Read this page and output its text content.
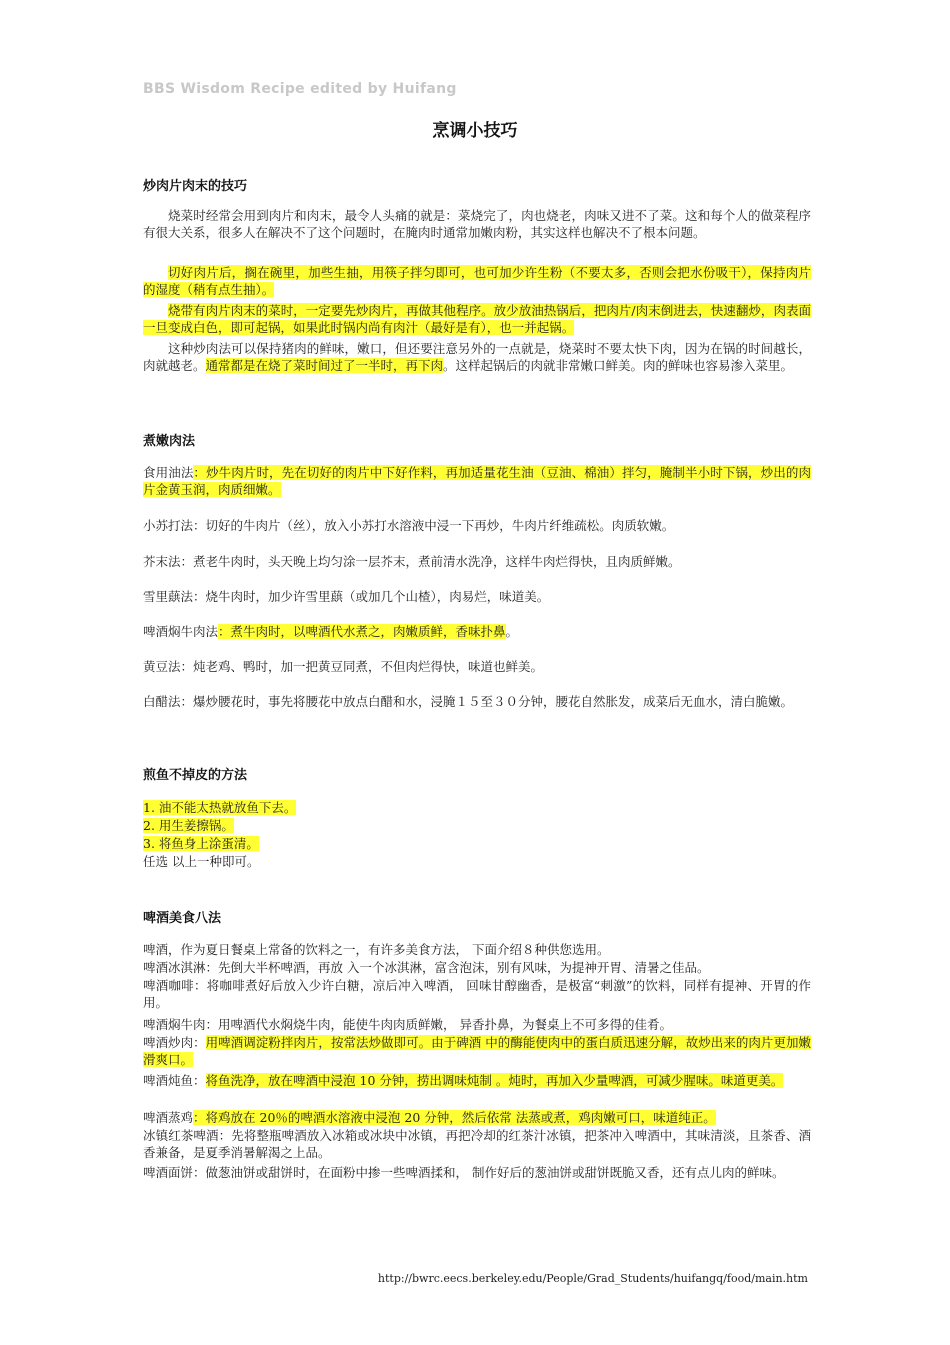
BBS Wisdom Recipe edited by Huifang
烹调小技巧
炒肉片肉末的技巧

烧菜时经常会用到肉片和肉末，最令人头痛的就是：菜烧完了，肉也烧老，肉味又进不了菜。这和每个人的做菜程序有很大关系，很多人在解决不了这个问题时，在腌肉时通常加嫩肉粉，其实这样也解决不了根本问题。

切好肉片后，搁在碗里，加些生抽，用筷子拌匀即可，也可加少许生粉（不要太多，否则会把水份吸干），保持肉片的湿度（稍有点生抽）。

烧带有肉片肉末的菜时，一定要先炒肉片，再做其他程序。放少放油热锅后，把肉片/肉末倒进去，快速翻炒，肉表面一旦变成白色，即可起锅，如果此时锅内尚有肉汁（最好是有），也一并起锅。

这种炒肉法可以保持猪肉的鲜味，嫩口，但还要注意另外的一点就是，烧菜时不要太快下肉，因为在锅的时间越长，肉就越老。通常都是在烧了菜时间过了一半时，再下肉。这样起锅后的肉就非常嫩口鲜美。肉的鲜味也容易渗入菜里。

煮嫩肉法

食用油法：炒牛肉片时，先在切好的肉片中下好作料，再加适量花生油（豆油、棉油）拌匀，腌制半小时下锅，炒出的肉片金黄玉润，肉质细嫩。

小苏打法：切好的牛肉片（丝），放入小苏打水溶液中浸一下再炒，牛肉片纤维疏松。肉质软嫩。

芥末法：煮老牛肉时，头天晚上均匀涂一层芥末，煮前清水洗净，这样牛肉烂得快，且肉质鲜嫩。

雪里蕻法：烧牛肉时，加少许雪里蕻（或加几个山楂），肉易烂，味道美。

啤酒焖牛肉法：煮牛肉时，以啤酒代水煮之，肉嫩质鲜，香味扑鼻。

黄豆法：炖老鸡、鸭时，加一把黄豆同煮，不但肉烂得快，味道也鲜美。

白醋法：爆炒腰花时，事先将腰花中放点白醋和水，浸腌１５至３０分钟，腰花自然胀发，成菜后无血水，清白脆嫩。

煎鱼不掉皮的方法

1. 油不能太热就放鱼下去。

2. 用生姜擦锅。

3. 将鱼身上涂蛋清。

任选 以上一种即可。

啤酒美食八法

啤酒，作为夏日餐桌上常备的饮料之一，有许多美食方法， 下面介绍８种供您选用。

啤酒冰淇淋：先倒大半杯啤酒，再放 入一个冰淇淋，富含泡沫，别有风味，为提神开胃、清暑之佳品。

啤酒咖啡：将咖啡煮好后放入少许白糖，凉后冲入啤酒， 回味甘醇幽香，是极富“刺激”的饮料，同样有提神、开胃的作用。

啤酒焖牛肉：用啤酒代水焖烧牛肉，能使牛肉肉质鲜嫩， 异香扑鼻，为餐桌上不可多得的佳肴。

啤酒炒肉：用啤酒调淀粉拌肉片，按常法炒做即可。由于碑酒 中的酶能使肉中的蛋白质迅速分解，故炒出来的肉片更加嫩滑爽口。

啤酒炖鱼：将鱼洗净，放在啤酒中浸泡 10 分钟，捞出调味炖制 。炖时，再加入少量啤酒，可减少腥味。味道更美。

啤酒蒸鸡：将鸡放在 20％的啤酒水溶液中浸泡 20 分钟，然后依常 法蒸或煮，鸡肉嫩可口，味道纯正。

冰镇红茶啤酒：先将整瓶啤酒放入冰箱或冰块中冰镇，再把冷却的红茶汁冰镇，把茶冲入啤酒中，其味清淡，且茶香、酒香兼备，是夏季消暑解渴之上品。

啤酒面饼：做葱油饼或甜饼时，在面粉中掺一些啤酒揉和， 制作好后的葱油饼或甜饼既脆又香，还有点儿肉的鲜味。

http://bwrc.eecs.berkeley.edu/People/Grad_Students/huifangq/food/main.htm
